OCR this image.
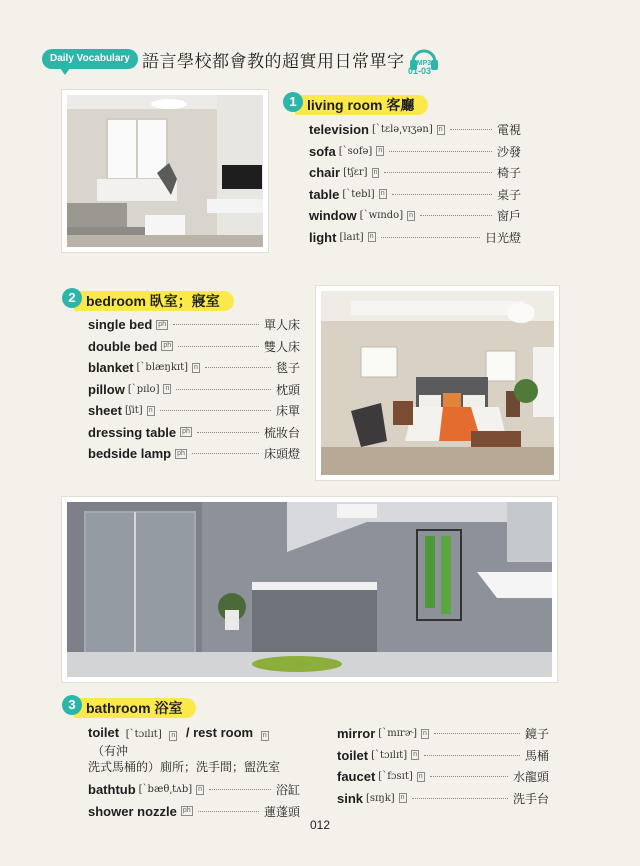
Daily Vocabulary 語言學校都會教的超實用日常單字 MP3
01-03
1 living room 客廳
television [ˋtɛlə͵vɪʒən] n	電視
sofa [ˋsofə] n	沙發
chair [tʃɛr] n	椅子
table [ˋtebl] n	桌子
window [ˋwɪndo] n	窗戶
light [laɪt] n	日光燈
2 bedroom 臥室；寢室
single bed ph	單人床
double bed ph	雙人床
blanket [ˋblæŋkɪt] n	毯子
pillow [ˋpɪlo] n	枕頭
sheet [ʃit] n	床單
dressing table ph	梳妝台
bedside lamp ph	床頭燈
3 bathroom 浴室
toilet [ˋtɔɪlɪt] n / rest room n （有沖
洗式馬桶的）廁所；洗手間；盥洗室
bathtub [ˋbæθ͵tʌb] n	浴缸
shower nozzle ph	蓮蓬頭
mirror [ˋmɪrɚ] n	鏡子
toilet [ˋtɔɪlɪt] n	馬桶
faucet [ˋfɔsɪt] n	水龍頭
sink [sɪŋk] n	洗手台
012
